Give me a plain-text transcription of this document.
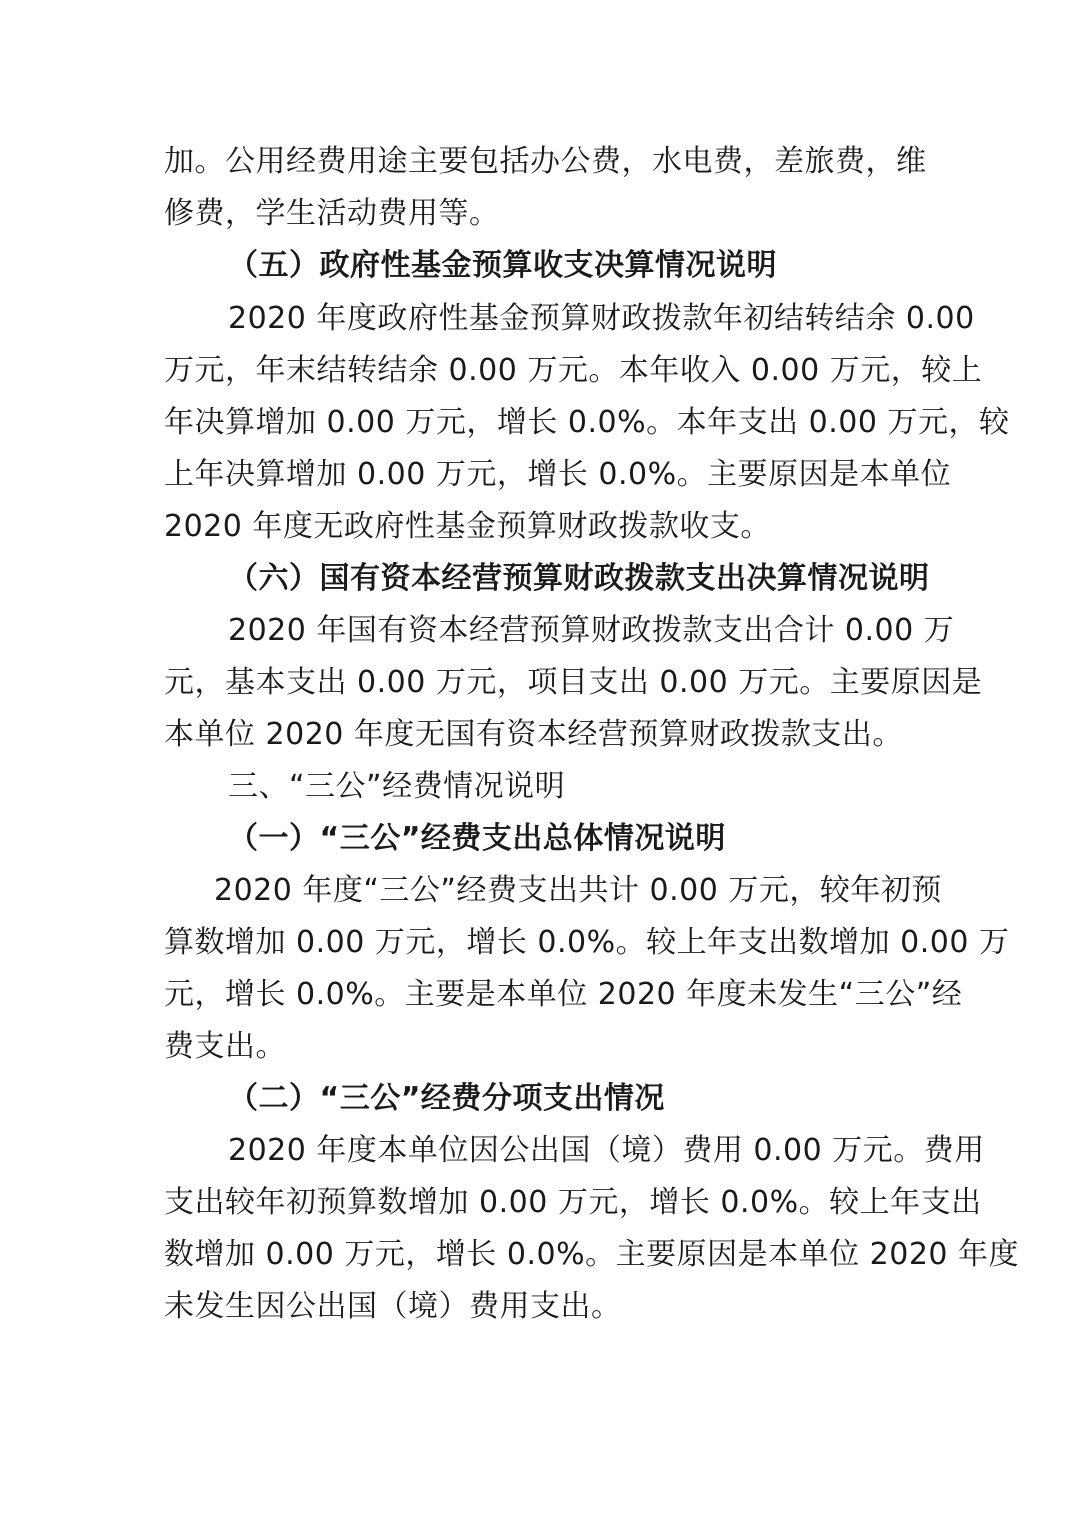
加。公用经费用途主要包括办公费，水电费，差旅费，维
修费，学生活动费用等。
（五）政府性基金预算收支决算情况说明
2020 年度政府性基金预算财政拨款年初结转结余 0.00
万元，年末结转结余 0.00 万元。本年收入 0.00 万元，较上
年决算增加 0.00 万元，增长 0.0%。本年支出 0.00 万元，较
上年决算增加 0.00 万元，增长 0.0%。主要原因是本单位
2020 年度无政府性基金预算财政拨款收支。
（六）国有资本经营预算财政拨款支出决算情况说明
2020 年国有资本经营预算财政拨款支出合计 0.00 万
元，基本支出 0.00 万元，项目支出 0.00 万元。主要原因是
本单位 2020 年度无国有资本经营预算财政拨款支出。
三、“三公”经费情况说明
（一）“三公”经费支出总体情况说明
2020 年度“三公”经费支出共计 0.00 万元，较年初预
算数增加 0.00 万元，增长 0.0%。较上年支出数增加 0.00 万
元，增长 0.0%。主要是本单位 2020 年度未发生“三公”经
费支出。
（二）“三公”经费分项支出情况
2020 年度本单位因公出国（境）费用 0.00 万元。费用
支出较年初预算数增加 0.00 万元，增长 0.0%。较上年支出
数增加 0.00 万元，增长 0.0%。主要原因是本单位 2020 年度
未发生因公出国（境）费用支出。
